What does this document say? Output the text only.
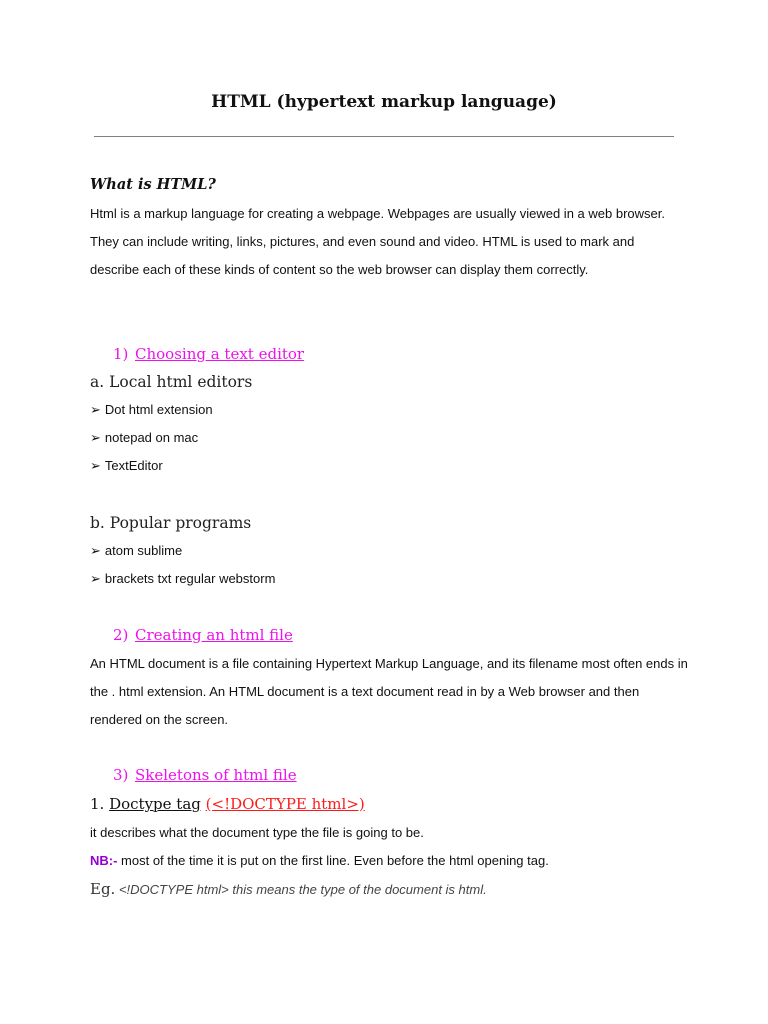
HTML (hypertext markup language)
What is HTML?
Html is a markup language for creating a webpage. Webpages are usually viewed in a web browser. They can include writing, links, pictures, and even sound and video. HTML is used to mark and describe each of these kinds of content so the web browser can display them correctly.
1) Choosing a text editor
a. Local html editors
➢ Dot html extension
➢ notepad on mac
➢ TextEditor
b. Popular programs
➢ atom sublime
➢ brackets txt regular webstorm
2) Creating an html file
An HTML document is a file containing Hypertext Markup Language, and its filename most often ends in the . html extension. An HTML document is a text document read in by a Web browser and then rendered on the screen.
3) Skeletons of html file
1. Doctype tag (<!DOCTYPE html>)
it describes what the document type the file is going to be.
NB:- most of the time it is put on the first line. Even before the html opening tag.
Eg. <!DOCTYPE html> this means the type of the document is html.
